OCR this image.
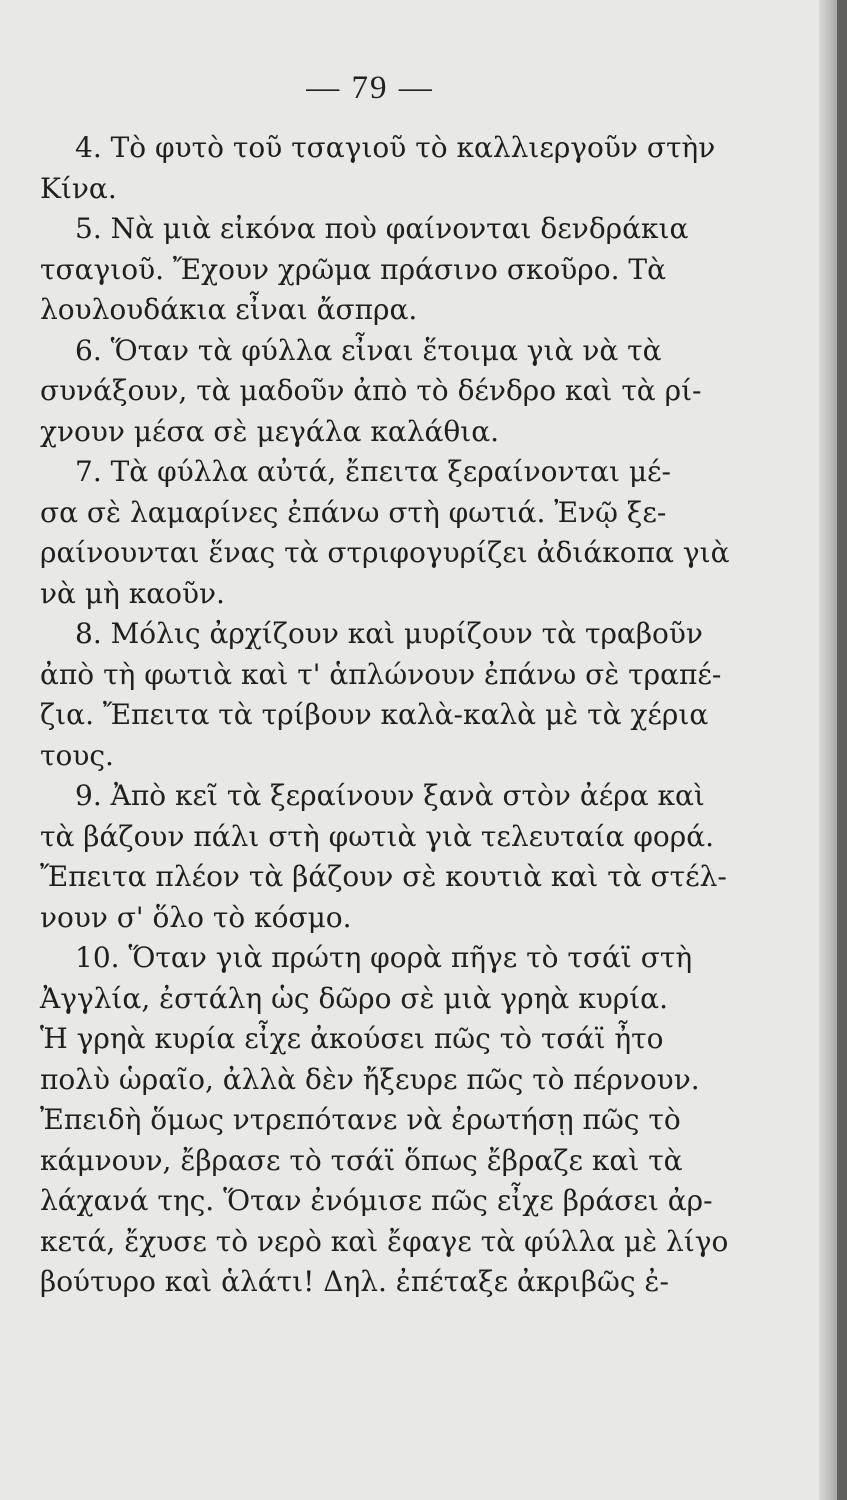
— 79 —
4. Τὸ φυτὸ τοῦ τσαγιοῦ τὸ καλλιεργοῦν στὴν
Κίνα.
5. Νὰ μιὰ εἰκόνα ποὺ φαίνονται δενδράκια
τσαγιοῦ. Ἔχουν χρῶμα πράσινο σκοῦρο. Τὰ
λουλουδάκια εἶναι ἄσπρα.
6. Ὅταν τὰ φύλλα εἶναι ἕτοιμα γιὰ νὰ τὰ
συνάξουν, τὰ μαδοῦν ἀπὸ τὸ δένδρο καὶ τὰ ρί-
χνουν μέσα σὲ μεγάλα καλάθια.
7. Τὰ φύλλα αὐτά, ἔπειτα ξεραίνονται μέ-
σα σὲ λαμαρίνες ἐπάνω στὴ φωτιά. Ἐνῷ ξε-
ραίνουνται ἕνας τὰ στριφογυρίζει ἀδιάκοπα γιὰ
νὰ μὴ καοῦν.
8. Μόλις ἀρχίζουν καὶ μυρίζουν τὰ τραβοῦν
ἀπὸ τὴ φωτιὰ καὶ τ' ἁπλώνουν ἐπάνω σὲ τραπέ-
ζια. Ἔπειτα τὰ τρίβουν καλὰ-καλὰ μὲ τὰ χέρια
τους.
9. Ἀπὸ κεῖ τὰ ξεραίνουν ξανὰ στὸν ἀέρα καὶ
τὰ βάζουν πάλι στὴ φωτιὰ γιὰ τελευταία φορά.
Ἔπειτα πλέον τὰ βάζουν σὲ κουτιὰ καὶ τὰ στέλ-
νουν σ' ὅλο τὸ κόσμο.
10. Ὅταν γιὰ πρώτη φορὰ πῆγε τὸ τσάϊ στὴ
Ἀγγλία, ἐστάλη ὡς δῶρο σὲ μιὰ γρηὰ κυρία.
Ἡ γρηὰ κυρία εἶχε ἀκούσει πῶς τὸ τσάϊ ἦτο
πολὺ ὡραῖο, ἀλλὰ δὲν ἤξευρε πῶς τὸ πέρνουν.
Ἐπειδὴ ὅμως ντρεπότανε νὰ ἐρωτήσῃ πῶς τὸ
κάμνουν, ἔβρασε τὸ τσάϊ ὅπως ἔβραζε καὶ τὰ
λάχανά της. Ὅταν ἐνόμισε πῶς εἶχε βράσει ἀρ-
κετά, ἔχυσε τὸ νερὸ καὶ ἔφαγε τὰ φύλλα μὲ λίγο
βούτυρο καὶ ἁλάτι! Δηλ. ἐπέταξε ἀκριβῶς ἐ-
